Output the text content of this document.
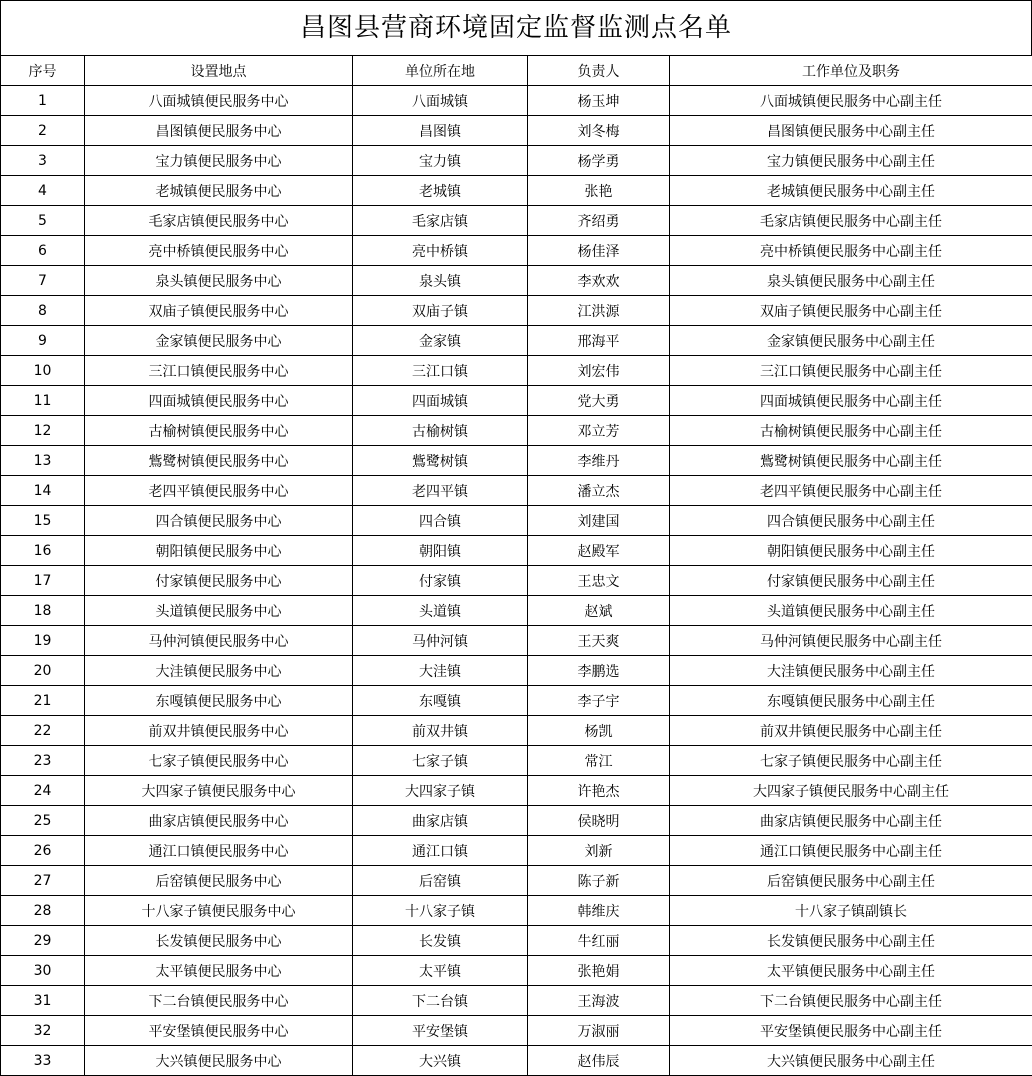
昌图县营商环境固定监督监测点名单
序号	设置地点	单位所在地	负责人	工作单位及职务
1	八面城镇便民服务中心	八面城镇	杨玉坤	八面城镇便民服务中心副主任
2	昌图镇便民服务中心	昌图镇	刘冬梅	昌图镇便民服务中心副主任
3	宝力镇便民服务中心	宝力镇	杨学勇	宝力镇便民服务中心副主任
4	老城镇便民服务中心	老城镇	张艳	老城镇便民服务中心副主任
5	毛家店镇便民服务中心	毛家店镇	齐绍勇	毛家店镇便民服务中心副主任
6	亮中桥镇便民服务中心	亮中桥镇	杨佳泽	亮中桥镇便民服务中心副主任
7	泉头镇便民服务中心	泉头镇	李欢欢	泉头镇便民服务中心副主任
8	双庙子镇便民服务中心	双庙子镇	江洪源	双庙子镇便民服务中心副主任
9	金家镇便民服务中心	金家镇	邢海平	金家镇便民服务中心副主任
10	三江口镇便民服务中心	三江口镇	刘宏伟	三江口镇便民服务中心副主任
11	四面城镇便民服务中心	四面城镇	党大勇	四面城镇便民服务中心副主任
12	古榆树镇便民服务中心	古榆树镇	邓立芳	古榆树镇便民服务中心副主任
13	鴜鹭树镇便民服务中心	鴜鹭树镇	李维丹	鴜鹭树镇便民服务中心副主任
14	老四平镇便民服务中心	老四平镇	潘立杰	老四平镇便民服务中心副主任
15	四合镇便民服务中心	四合镇	刘建国	四合镇便民服务中心副主任
16	朝阳镇便民服务中心	朝阳镇	赵殿军	朝阳镇便民服务中心副主任
17	付家镇便民服务中心	付家镇	王忠文	付家镇便民服务中心副主任
18	头道镇便民服务中心	头道镇	赵斌	头道镇便民服务中心副主任
19	马仲河镇便民服务中心	马仲河镇	王天爽	马仲河镇便民服务中心副主任
20	大洼镇便民服务中心	大洼镇	李鹏选	大洼镇便民服务中心副主任
21	东嘎镇便民服务中心	东嘎镇	李子宇	东嘎镇便民服务中心副主任
22	前双井镇便民服务中心	前双井镇	杨凯	前双井镇便民服务中心副主任
23	七家子镇便民服务中心	七家子镇	常江	七家子镇便民服务中心副主任
24	大四家子镇便民服务中心	大四家子镇	许艳杰	大四家子镇便民服务中心副主任
25	曲家店镇便民服务中心	曲家店镇	侯晓明	曲家店镇便民服务中心副主任
26	通江口镇便民服务中心	通江口镇	刘新	通江口镇便民服务中心副主任
27	后窑镇便民服务中心	后窑镇	陈子新	后窑镇便民服务中心副主任
28	十八家子镇便民服务中心	十八家子镇	韩维庆	十八家子镇副镇长
29	长发镇便民服务中心	长发镇	牛红丽	长发镇便民服务中心副主任
30	太平镇便民服务中心	太平镇	张艳娟	太平镇便民服务中心副主任
31	下二台镇便民服务中心	下二台镇	王海波	下二台镇便民服务中心副主任
32	平安堡镇便民服务中心	平安堡镇	万淑丽	平安堡镇便民服务中心副主任
33	大兴镇便民服务中心	大兴镇	赵伟辰	大兴镇便民服务中心副主任
